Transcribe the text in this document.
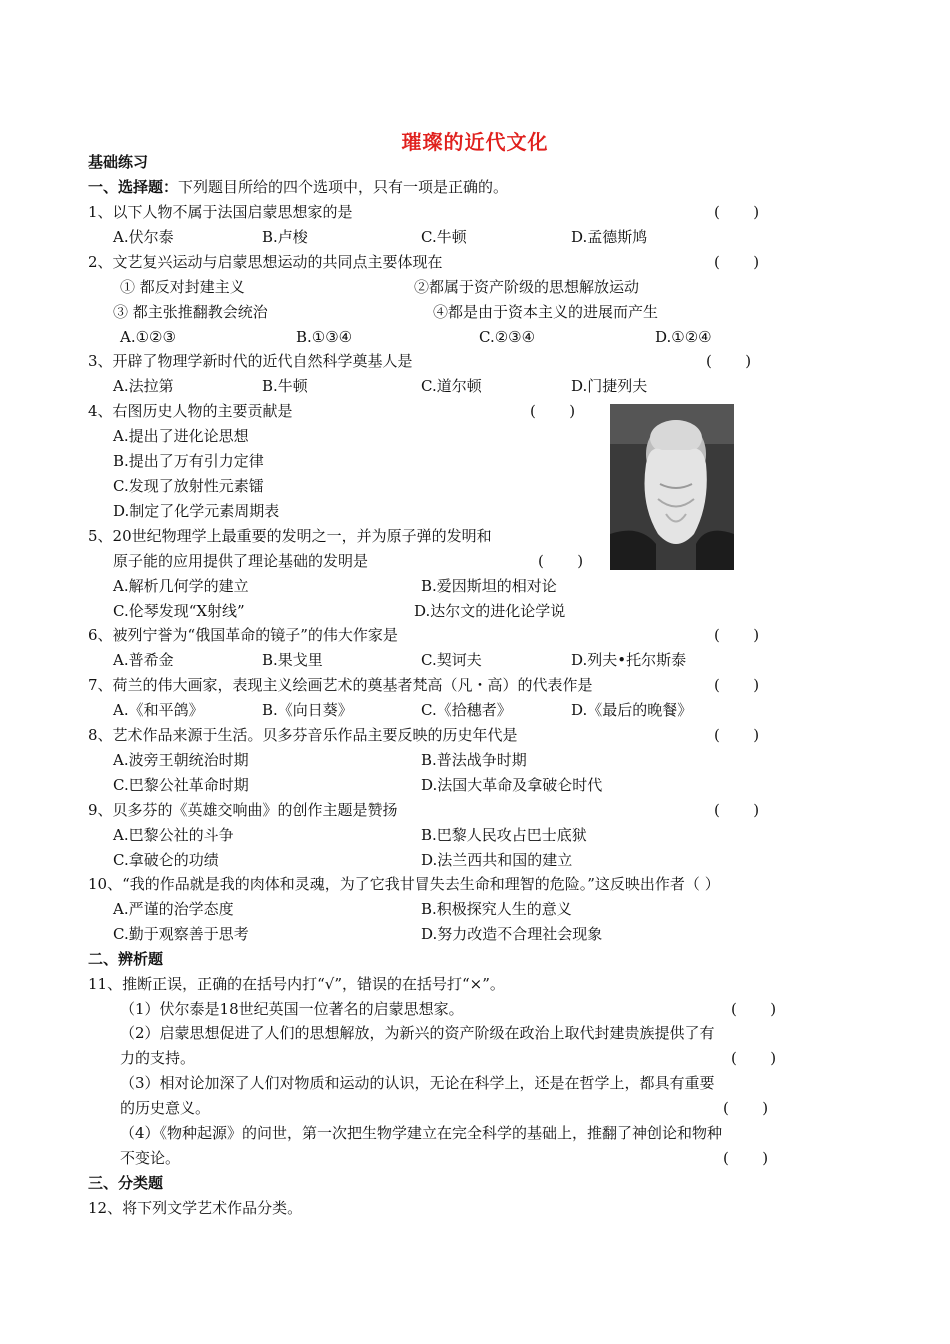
璀璨的近代文化
基础练习
一、选择题：下列题目所给的四个选项中，只有一项是正确的。
1、以下人物不属于法国启蒙思想家的是	(       )
A.伏尔泰	B.卢梭	C.牛顿	D.孟德斯鸠
2、文艺复兴运动与启蒙思想运动的共同点主要体现在	(       )
① 都反对封建主义	②都属于资产阶级的思想解放运动
③ 都主张推翻教会统治	④都是由于资本主义的进展而产生
A.①②③	B.①③④	C.②③④	D.①②④
3、开辟了物理学新时代的近代自然科学奠基人是	(       )
A.法拉第	B.牛顿	C.道尔顿	D.门捷列夫
4、右图历史人物的主要贡献是	(       )
A.提出了进化论思想
B.提出了万有引力定律
C.发现了放射性元素镭
D.制定了化学元素周期表
5、20世纪物理学上最重要的发明之一，并为原子弹的发明和
原子能的应用提供了理论基础的发明是	(       )
A.解析几何学的建立	B.爱因斯坦的相对论
C.伦琴发现“X射线”	D.达尔文的进化论学说
6、被列宁誉为“俄国革命的镜子”的伟大作家是	(       )
A.普希金	B.果戈里	C.契诃夫	D.列夫•托尔斯泰
7、荷兰的伟大画家，表现主义绘画艺术的奠基者梵高（凡・高）的代表作是	(       )
A.《和平鸽》	B.《向日葵》	C.《拾穗者》	D.《最后的晚餐》
8、艺术作品来源于生活。贝多芬音乐作品主要反映的历史年代是	(       )
A.波旁王朝统治时期	B.普法战争时期
C.巴黎公社革命时期	D.法国大革命及拿破仑时代
9、贝多芬的《英雄交响曲》的创作主题是赞扬	(       )
A.巴黎公社的斗争	B.巴黎人民攻占巴士底狱
C.拿破仑的功绩	D.法兰西共和国的建立
10、“我的作品就是我的肉体和灵魂，为了它我甘冒失去生命和理智的危险。”这反映出作者（ ）
A.严谨的治学态度	B.积极探究人生的意义
C.勤于观察善于思考	D.努力改造不合理社会现象
二、辨析题
11、推断正误，正确的在括号内打“√”，错误的在括号打“×”。
（1）伏尔泰是18世纪英国一位著名的启蒙思想家。	(       )
（2）启蒙思想促进了人们的思想解放，为新兴的资产阶级在政治上取代封建贵族提供了有
力的支持。	(       )
（3）相对论加深了人们对物质和运动的认识，无论在科学上，还是在哲学上，都具有重要
的历史意义。	(       )
（4）《物种起源》的问世，第一次把生物学建立在完全科学的基础上，推翻了神创论和物种
不变论。	(       )
三、分类题
12、将下列文学艺术作品分类。
